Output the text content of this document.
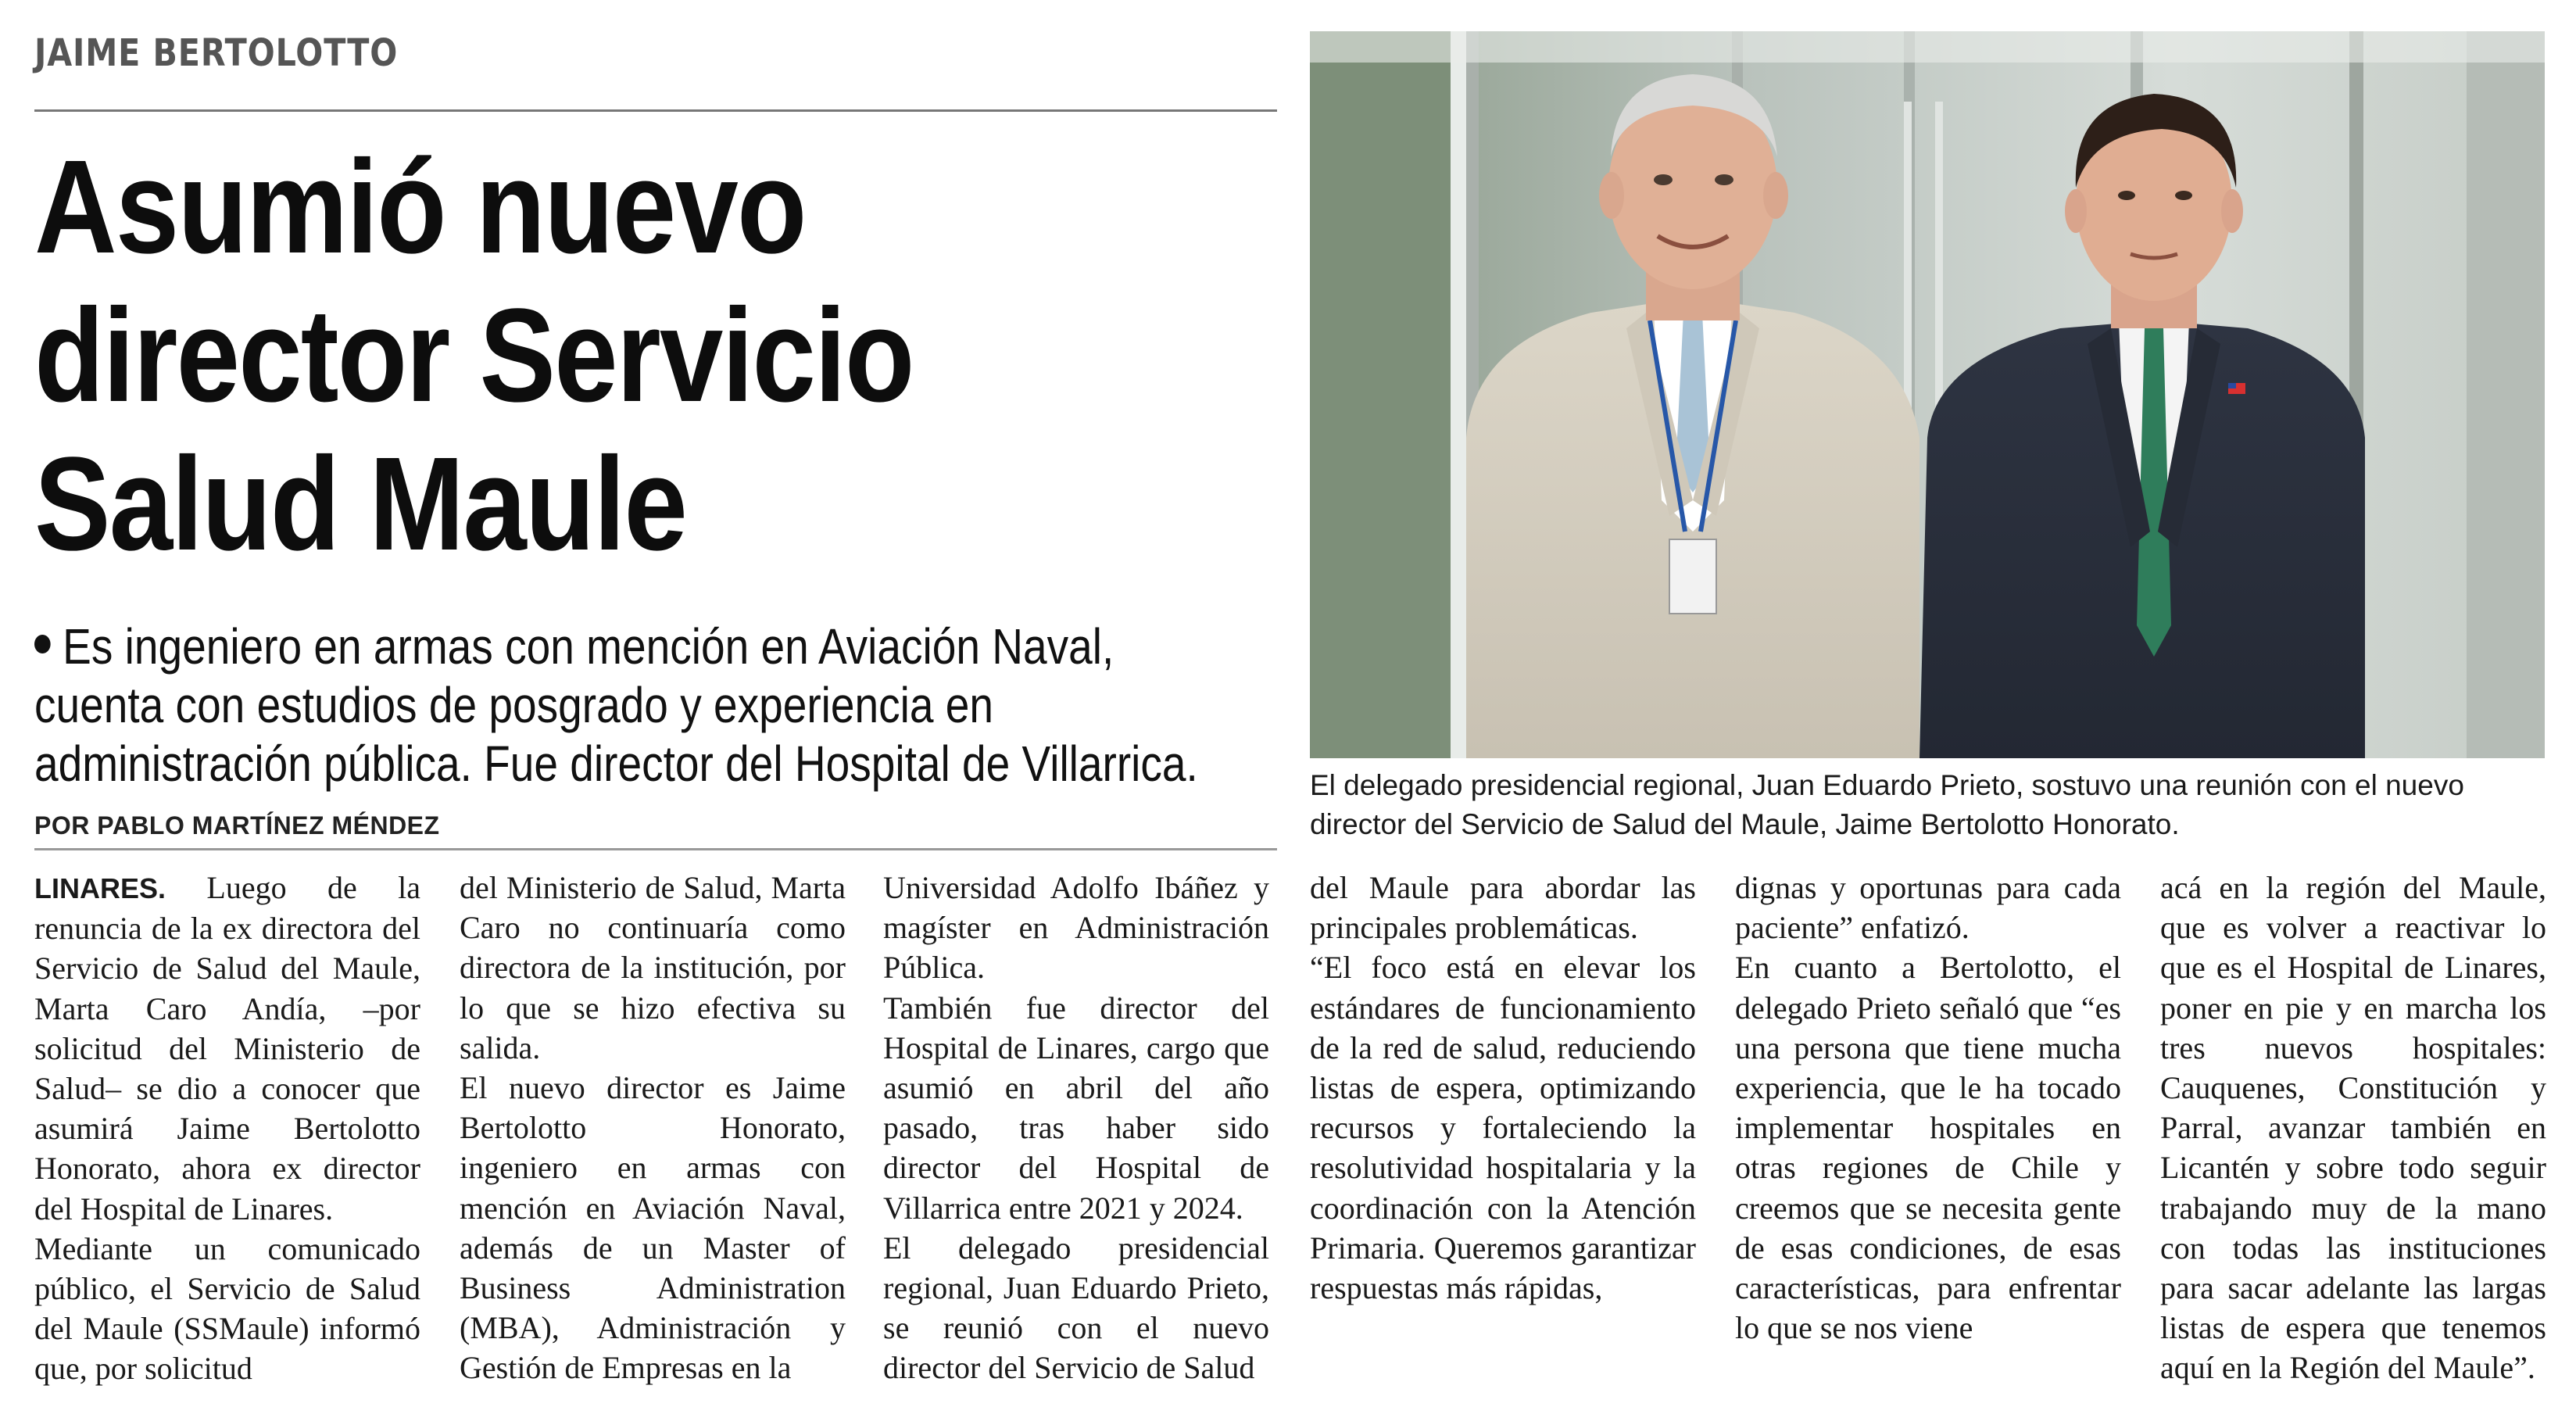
JAIME BERTOLOTTO
Asumió nuevo
director Servicio
Salud Maule
Es ingeniero en armas con mención en Aviación Naval,
cuenta con estudios de posgrado y experiencia en
administración pública. Fue director del Hospital de Villarrica.
POR PABLO MARTÍNEZ MÉNDEZ
El delegado presidencial regional, Juan Eduardo Prieto, sostuvo una reunión con el nuevo
director del Servicio de Salud del Maule, Jaime Bertolotto Honorato.

LINARES. Luego de la renuncia de la ex directora del Servicio de Salud del Maule, Marta Caro Andía, –por solicitud del Ministerio de Salud– se dio a conocer que asumirá Jaime Bertolotto Honorato, ahora ex director del Hospital de Linares.

Mediante un comunicado público, el Servicio de Salud del Maule (SSMaule) informó que, por solicitud

del Ministerio de Salud, Marta Caro no continuaría como directora de la institución, por lo que se hizo efectiva su salida.

El nuevo director es Jaime Bertolotto Honorato, ingeniero en armas con mención en Aviación Naval, además de un Master of Business Administration (MBA), Administración y Gestión de Empresas en la

Universidad Adolfo Ibáñez y magíster en Administración Pública.

También fue director del Hospital de Linares, cargo que asumió en abril del año pasado, tras haber sido director del Hospital de Villarrica entre 2021 y 2024.

El delegado presidencial regional, Juan Eduardo Prieto, se reunió con el nuevo director del Servicio de Salud

del Maule para abordar las principales problemáticas.

“El foco está en elevar los estándares de funcionamiento de la red de salud, reduciendo listas de espera, optimizando recursos y fortaleciendo la resolutividad hospitalaria y la coordinación con la Atención Primaria. Queremos garantizar respuestas más rápidas,

dignas y oportunas para cada paciente” enfatizó.

En cuanto a Bertolotto, el delegado Prieto señaló que “es una persona que tiene mucha experiencia, que le ha tocado implementar hospitales en otras regiones de Chile y creemos que se necesita gente de esas condiciones, de esas características, para enfrentar lo que se nos viene

acá en la región del Maule, que es volver a reactivar lo que es el Hospital de Linares, poner en pie y en marcha los tres nuevos hospitales: Cauquenes, Constitución y Parral, avanzar también en Licantén y sobre todo seguir trabajando muy de la mano con todas las instituciones para sacar adelante las largas listas de espera que tenemos aquí en la Región del Maule”.
